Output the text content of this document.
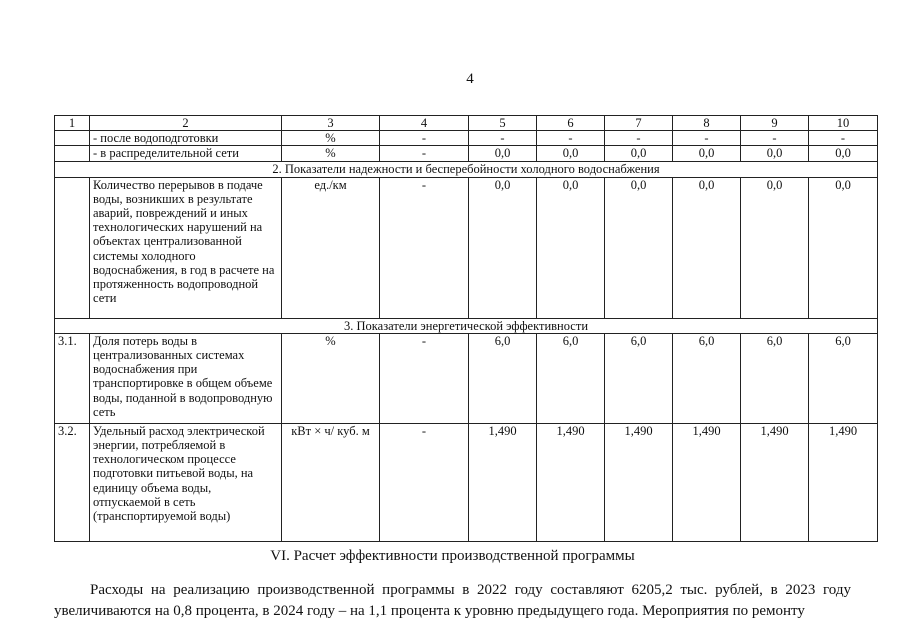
4
1	2	3	4	5	6	7	8	9	10
	- после водоподготовки	%	-	-	-	-	-	-	-
	- в распределительной сети	%	-	0,0	0,0	0,0	0,0	0,0	0,0
2. Показатели надежности и бесперебойности холодного водоснабжения									
	Количество перерывов в подаче воды, возникших в результате аварий, повреждений и иных технологических нарушений на объектах централизованной системы холодного водоснабжения, в год в расчете на протяженность водопроводной сети	ед./км	-	0,0	0,0	0,0	0,0	0,0	0,0
3. Показатели энергетической эффективности									
3.1.	Доля потерь воды в централизованных системах водоснабжения при транспортировке в общем объеме воды, поданной в водопроводную сеть	%	-	6,0	6,0	6,0	6,0	6,0	6,0
3.2.	Удельный расход электрической энергии, потребляемой в технологическом процессе подготовки питьевой воды, на единицу объема воды, отпускаемой в сеть (транспортируемой воды)	кВт × ч/ куб. м	-	1,490	1,490	1,490	1,490	1,490	1,490
VI. Расчет эффективности производственной программы
Расходы на реализацию производственной программы в 2022 году составляют 6205,2 тыс. рублей, в 2023 году увеличиваются на 0,8 процента, в 2024 году – на 1,1 процента к уровню предыдущего года. Мероприятия по ремонту
